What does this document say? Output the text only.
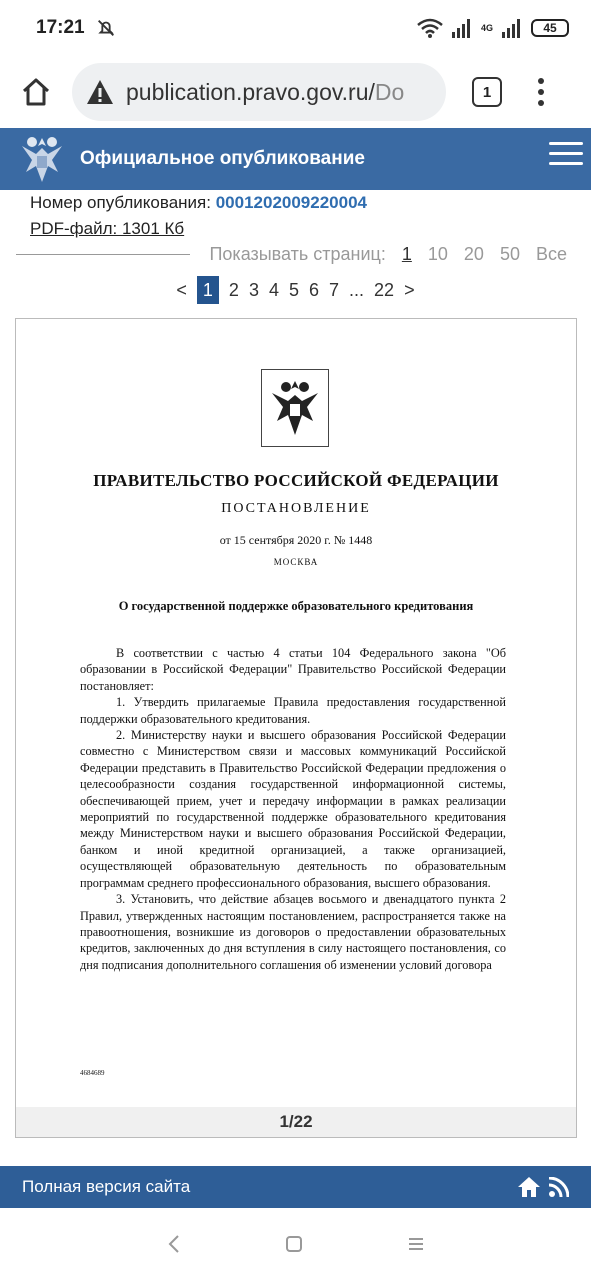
17:21	4G	45
publication.pravo.gov.ru/Do	1
Официальное опубликование
Номер опубликования: 0001202009220004
PDF-файл: 1301 Кб
Показывать страниц: 1 10 20 50 Все
< 1 2 3 4 5 6 7 ... 22 >
ПРАВИТЕЛЬСТВО РОССИЙСКОЙ ФЕДЕРАЦИИ
ПОСТАНОВЛЕНИЕ
от 15 сентября 2020 г. № 1448
МОСКВА
О государственной поддержке образовательного кредитования

В соответствии с частью 4 статьи 104 Федерального закона "Об образовании в Российской Федерации" Правительство Российской Федерации постановляет:

1. Утвердить прилагаемые Правила предоставления государственной поддержки образовательного кредитования.

2. Министерству науки и высшего образования Российской Федерации совместно с Министерством связи и массовых коммуникаций Российской Федерации представить в Правительство Российской Федерации предложения о целесообразности создания государственной информационной системы, обеспечивающей прием, учет и передачу информации в рамках реализации мероприятий по государственной поддержке образовательного кредитования между Министерством науки и высшего образования Российской Федерации, банком и иной кредитной организацией, а также организацией, осуществляющей образовательную деятельность по образовательным программам среднего профессионального образования, высшего образования.

3. Установить, что действие абзацев восьмого и двенадцатого пункта 2 Правил, утвержденных настоящим постановлением, распространяется также на правоотношения, возникшие из договоров о предоставлении образовательных кредитов, заключенных до дня вступления в силу настоящего постановления, со дня подписания дополнительного соглашения об изменении условий договора

4684689
1/22
Полная версия сайта
